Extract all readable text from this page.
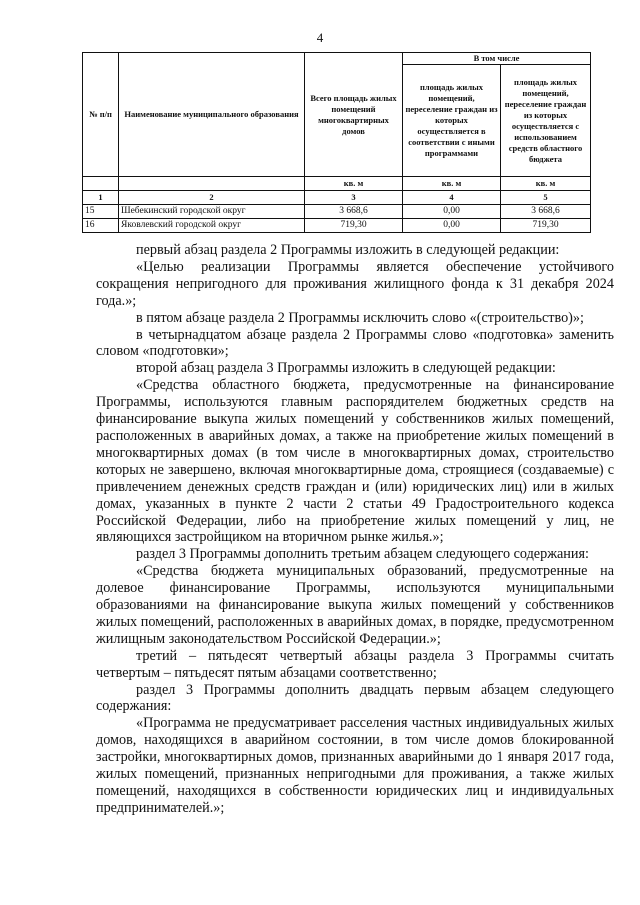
4
№ п/п	Наименование муниципального образования	Всего площадь жилых помещений многоквартирных домов	В том числе	
			площадь жилых помещений, переселение граждан из которых осуществляется в соответствии с иными программами	площадь жилых помещений, переселение граждан из которых осуществляется с использованием средств областного бюджета
		кв. м	кв. м	кв. м
1	2	3	4	5
15	Шебекинский городской округ	3 668,6	0,00	3 668,6
16	Яковлевский городской округ	719,30	0,00	719,30

первый абзац раздела 2 Программы изложить в следующей редакции:

«Целью реализации Программы является обеспечение устойчивого сокращения непригодного для проживания жилищного фонда к 31 декабря 2024 года.»;

в пятом абзаце раздела 2 Программы исключить слово «(строительство)»;

в четырнадцатом абзаце раздела 2 Программы слово «подготовка» заменить словом «подготовки»;

второй абзац раздела 3 Программы изложить в следующей редакции:

«Средства областного бюджета, предусмотренные на финансирование Программы, используются главным распорядителем бюджетных средств на финансирование выкупа жилых помещений у собственников жилых помещений, расположенных в аварийных домах, а также на приобретение жилых помещений в многоквартирных домах (в том числе в многоквартирных домах, строительство которых не завершено, включая многоквартирные дома, строящиеся (создаваемые) с привлечением денежных средств граждан и (или) юридических лиц) или в жилых домах, указанных в пункте 2 части 2 статьи 49 Градостроительного кодекса Российской Федерации, либо на приобретение жилых помещений у лиц, не являющихся застройщиком на вторичном рынке жилья.»;

раздел 3 Программы дополнить третьим абзацем следующего содержания:

«Средства бюджета муниципальных образований, предусмотренные на долевое финансирование Программы, используются муниципальными образованиями на финансирование выкупа жилых помещений у собственников жилых помещений, расположенных в аварийных домах, в порядке, предусмотренном жилищным законодательством Российской Федерации.»;

третий – пятьдесят четвертый абзацы раздела 3 Программы считать четвертым – пятьдесят пятым абзацами соответственно;

раздел 3 Программы дополнить двадцать первым абзацем следующего содержания:

«Программа не предусматривает расселения частных индивидуальных жилых домов, находящихся в аварийном состоянии, в том числе домов блокированной застройки, многоквартирных домов, признанных аварийными до 1 января 2017 года, жилых помещений, признанных непригодными для проживания, а также жилых помещений, находящихся в собственности юридических лиц и индивидуальных предпринимателей.»;
